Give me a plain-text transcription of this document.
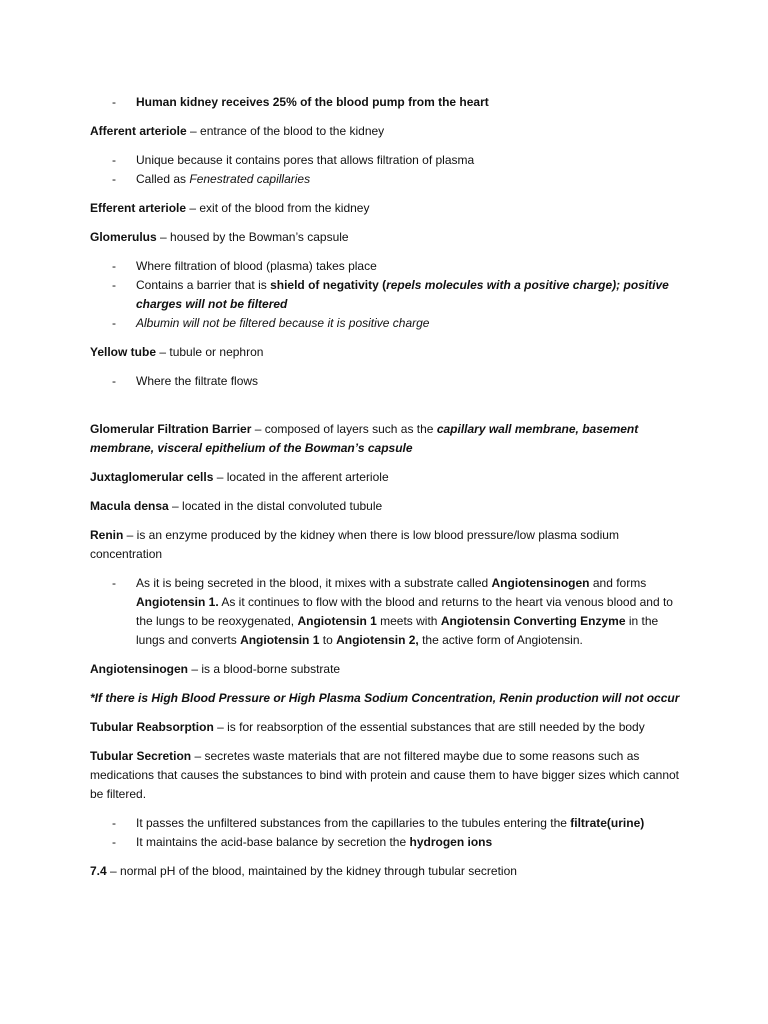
- Human kidney receives 25% of the blood pump from the heart

Afferent arteriole – entrance of the blood to the kidney

- Unique because it contains pores that allows filtration of plasma
- Called as Fenestrated capillaries

Efferent arteriole – exit of the blood from the kidney

Glomerulus – housed by the Bowman’s capsule

- Where filtration of blood (plasma) takes place
- Contains a barrier that is shield of negativity (repels molecules with a positive charge); positive charges will not be filtered
- Albumin will not be filtered because it is positive charge

Yellow tube – tubule or nephron

- Where the filtrate flows

Glomerular Filtration Barrier – composed of layers such as the capillary wall membrane, basement membrane, visceral epithelium of the Bowman’s capsule

Juxtaglomerular cells – located in the afferent arteriole

Macula densa – located in the distal convoluted tubule

Renin – is an enzyme produced by the kidney when there is low blood pressure/low plasma sodium concentration

- As it is being secreted in the blood, it mixes with a substrate called Angiotensinogen and forms Angiotensin 1. As it continues to flow with the blood and returns to the heart via venous blood and to the lungs to be reoxygenated, Angiotensin 1 meets with Angiotensin Converting Enzyme in the lungs and converts Angiotensin 1 to Angiotensin 2, the active form of Angiotensin.

Angiotensinogen – is a blood-borne substrate

*If there is High Blood Pressure or High Plasma Sodium Concentration, Renin production will not occur

Tubular Reabsorption – is for reabsorption of the essential substances that are still needed by the body

Tubular Secretion – secretes waste materials that are not filtered maybe due to some reasons such as medications that causes the substances to bind with protein and cause them to have bigger sizes which cannot be filtered.

- It passes the unfiltered substances from the capillaries to the tubules entering the filtrate(urine)
- It maintains the acid-base balance by secretion the hydrogen ions

7.4 – normal pH of the blood, maintained by the kidney through tubular secretion
